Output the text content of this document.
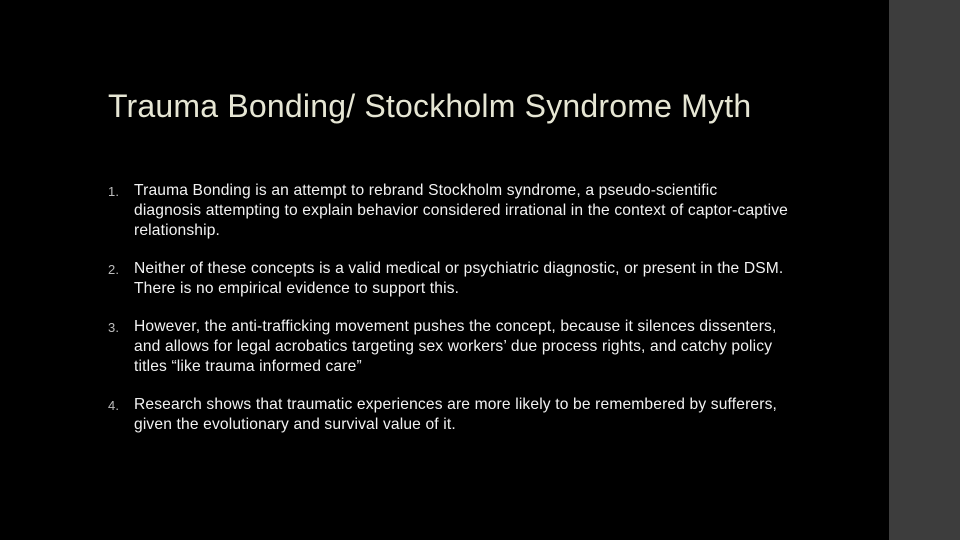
Trauma Bonding/ Stockholm Syndrome Myth
1. Trauma Bonding is an attempt to rebrand Stockholm syndrome, a pseudo-scientific diagnosis attempting to explain behavior considered irrational in the context of captor-captive relationship.
2. Neither of these concepts is a valid medical or psychiatric diagnostic, or present in the DSM. There is no empirical evidence to support this.
3. However, the anti-trafficking movement pushes the concept, because it silences dissenters, and allows for legal acrobatics targeting sex workers’ due process rights, and catchy policy titles “like trauma informed care”
4. Research shows that traumatic experiences are more likely to be remembered by sufferers, given the evolutionary and survival value of it.
